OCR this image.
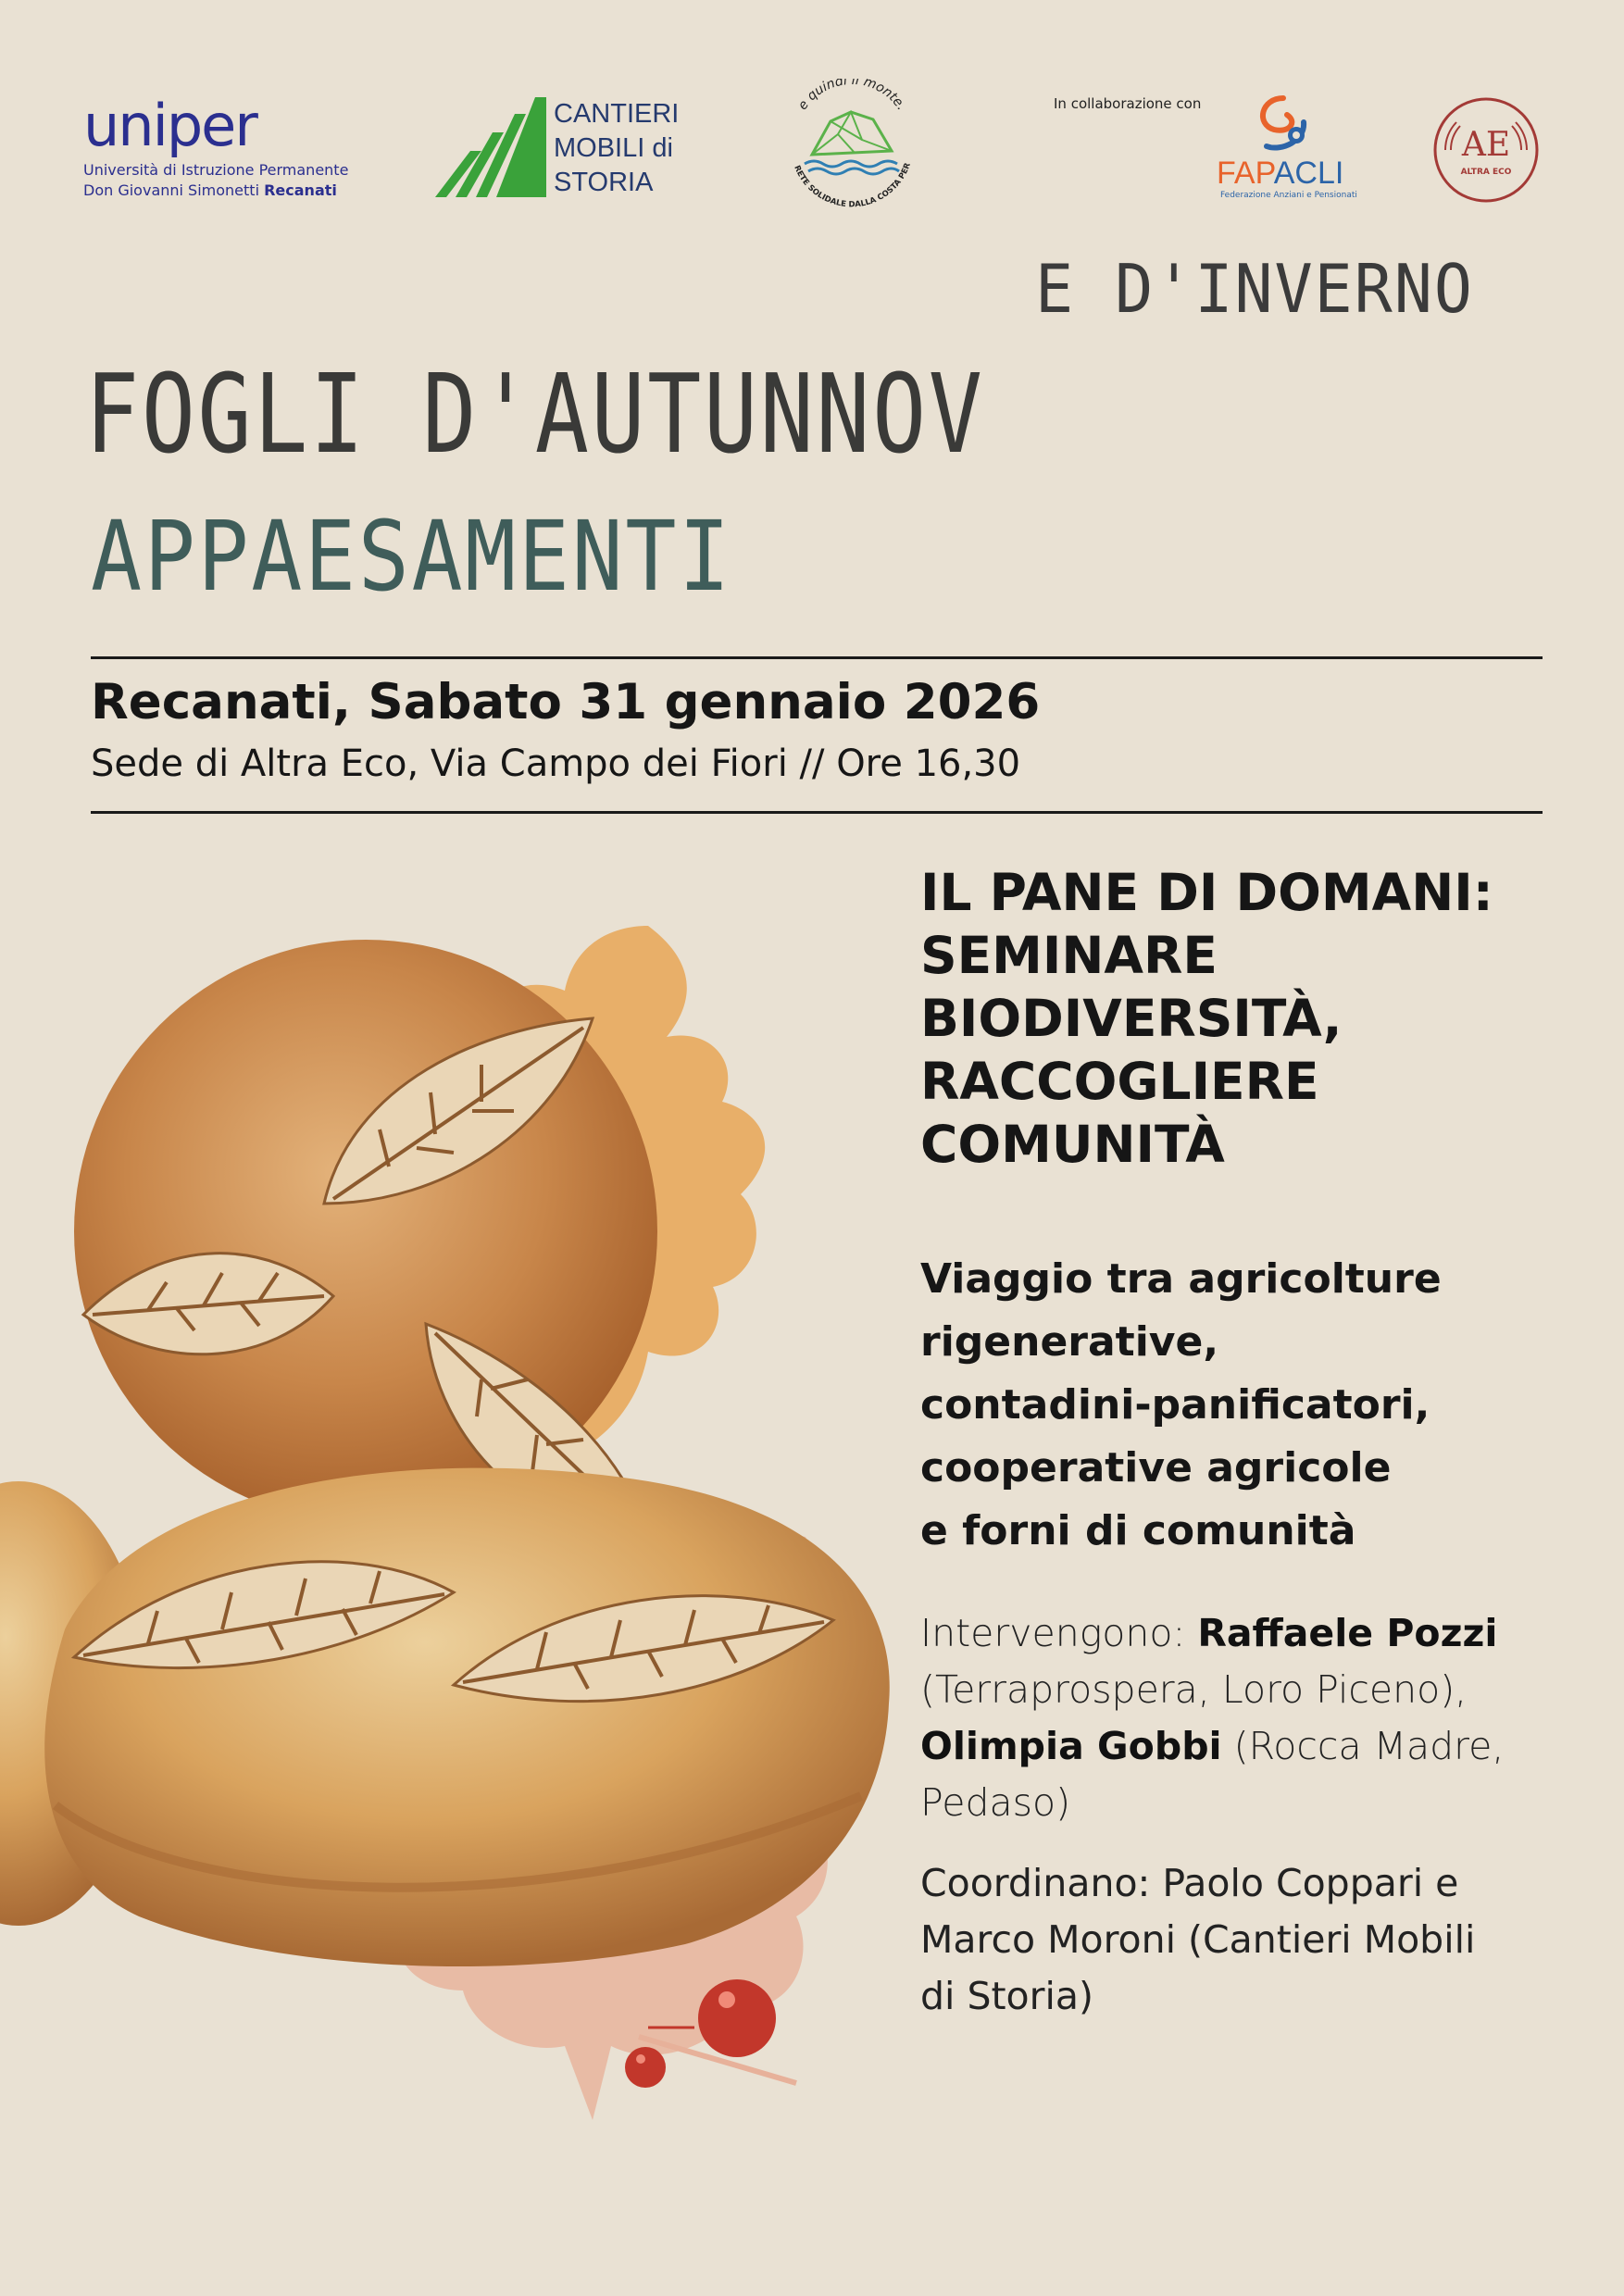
uniper
Università di Istruzione Permanente
Don Giovanni Simonetti Recanati
CANTIERI
MOBILI di
STORIA
e quindi il monte.
RETE SOLIDALE DALLA COSTA PER
In collaborazione con
FAPACLI
Federazione Anziani e Pensionati
AE
ALTRA ECO
E D'INVERNO
FOGLI D'AUTUNNOV
APPAESAMENTI
Recanati, Sabato 31 gennaio 2026
Sede di Altra Eco, Via Campo dei Fiori // Ore 16,30
IL PANE DI DOMANI:
SEMINARE
BIODIVERSITÀ,
RACCOGLIERE
COMUNITÀ
Viaggio tra agricolture
rigenerative,
contadini-panificatori,
cooperative agricole
e forni di comunità
Intervengono: Raffaele Pozzi
(Terraprospera, Loro Piceno),
Olimpia Gobbi (Rocca Madre,
Pedaso)
Coordinano: Paolo Coppari e
Marco Moroni (Cantieri Mobili
di Storia)
